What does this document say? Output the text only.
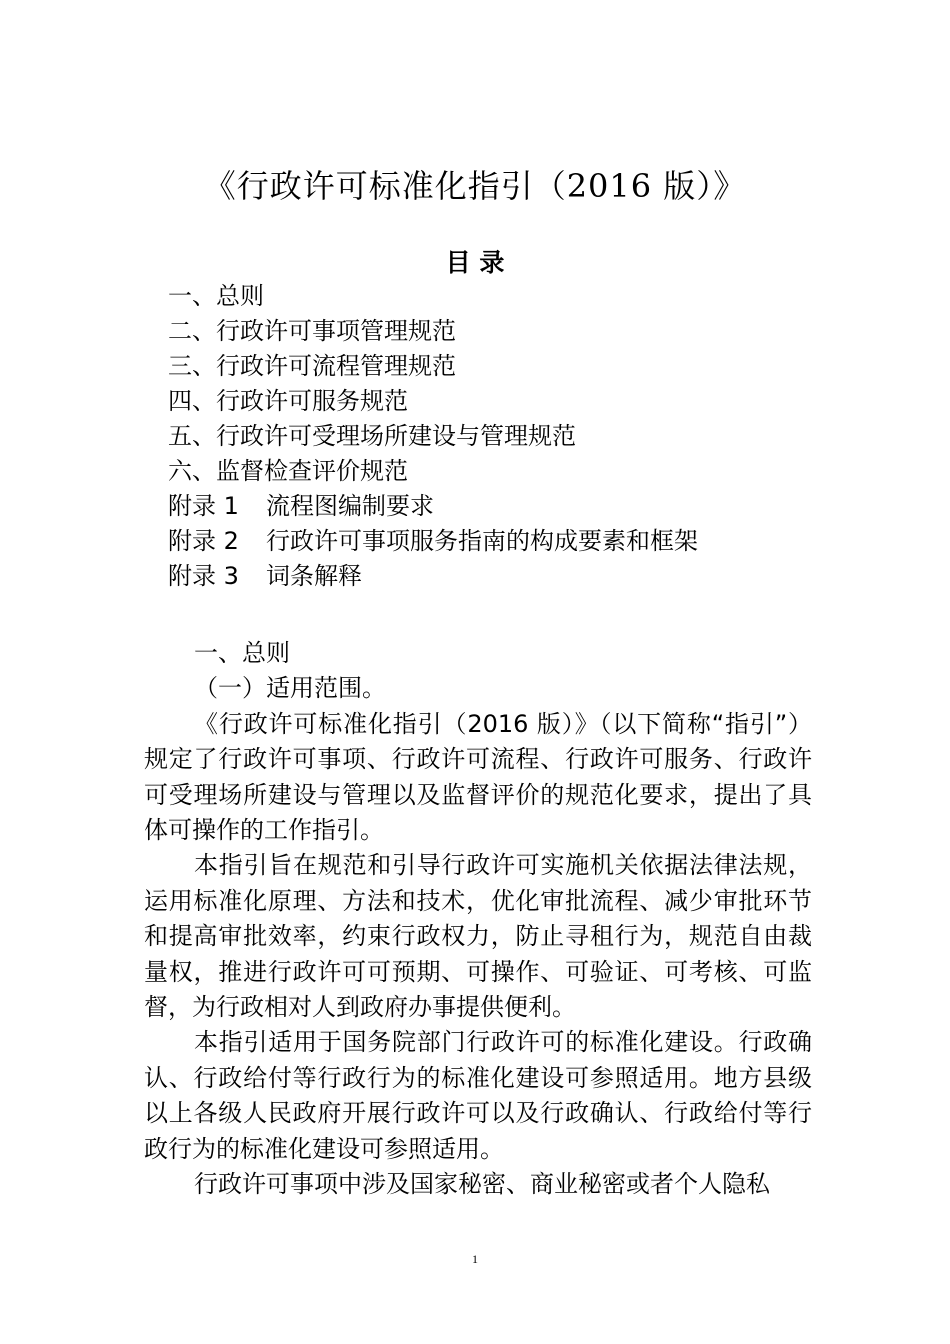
《行政许可标准化指引（2016 版）》
目 录
一、总则
二、行政许可事项管理规范
三、行政许可流程管理规范
四、行政许可服务规范
五、行政许可受理场所建设与管理规范
六、监督检查评价规范
附录 1 流程图编制要求
附录 2 行政许可事项服务指南的构成要素和框架
附录 3 词条解释

一、总则

（一）适用范围。

《行政许可标准化指引（2016 版）》（以下简称“指引”）规定了行政许可事项、行政许可流程、行政许可服务、行政许可受理场所建设与管理以及监督评价的规范化要求，提出了具体可操作的工作指引。

本指引旨在规范和引导行政许可实施机关依据法律法规，运用标准化原理、方法和技术，优化审批流程、减少审批环节和提高审批效率，约束行政权力，防止寻租行为，规范自由裁量权，推进行政许可可预期、可操作、可验证、可考核、可监督，为行政相对人到政府办事提供便利。

本指引适用于国务院部门行政许可的标准化建设。行政确认、行政给付等行政行为的标准化建设可参照适用。地方县级以上各级人民政府开展行政许可以及行政确认、行政给付等行政行为的标准化建设可参照适用。

行政许可事项中涉及国家秘密、商业秘密或者个人隐私

1
